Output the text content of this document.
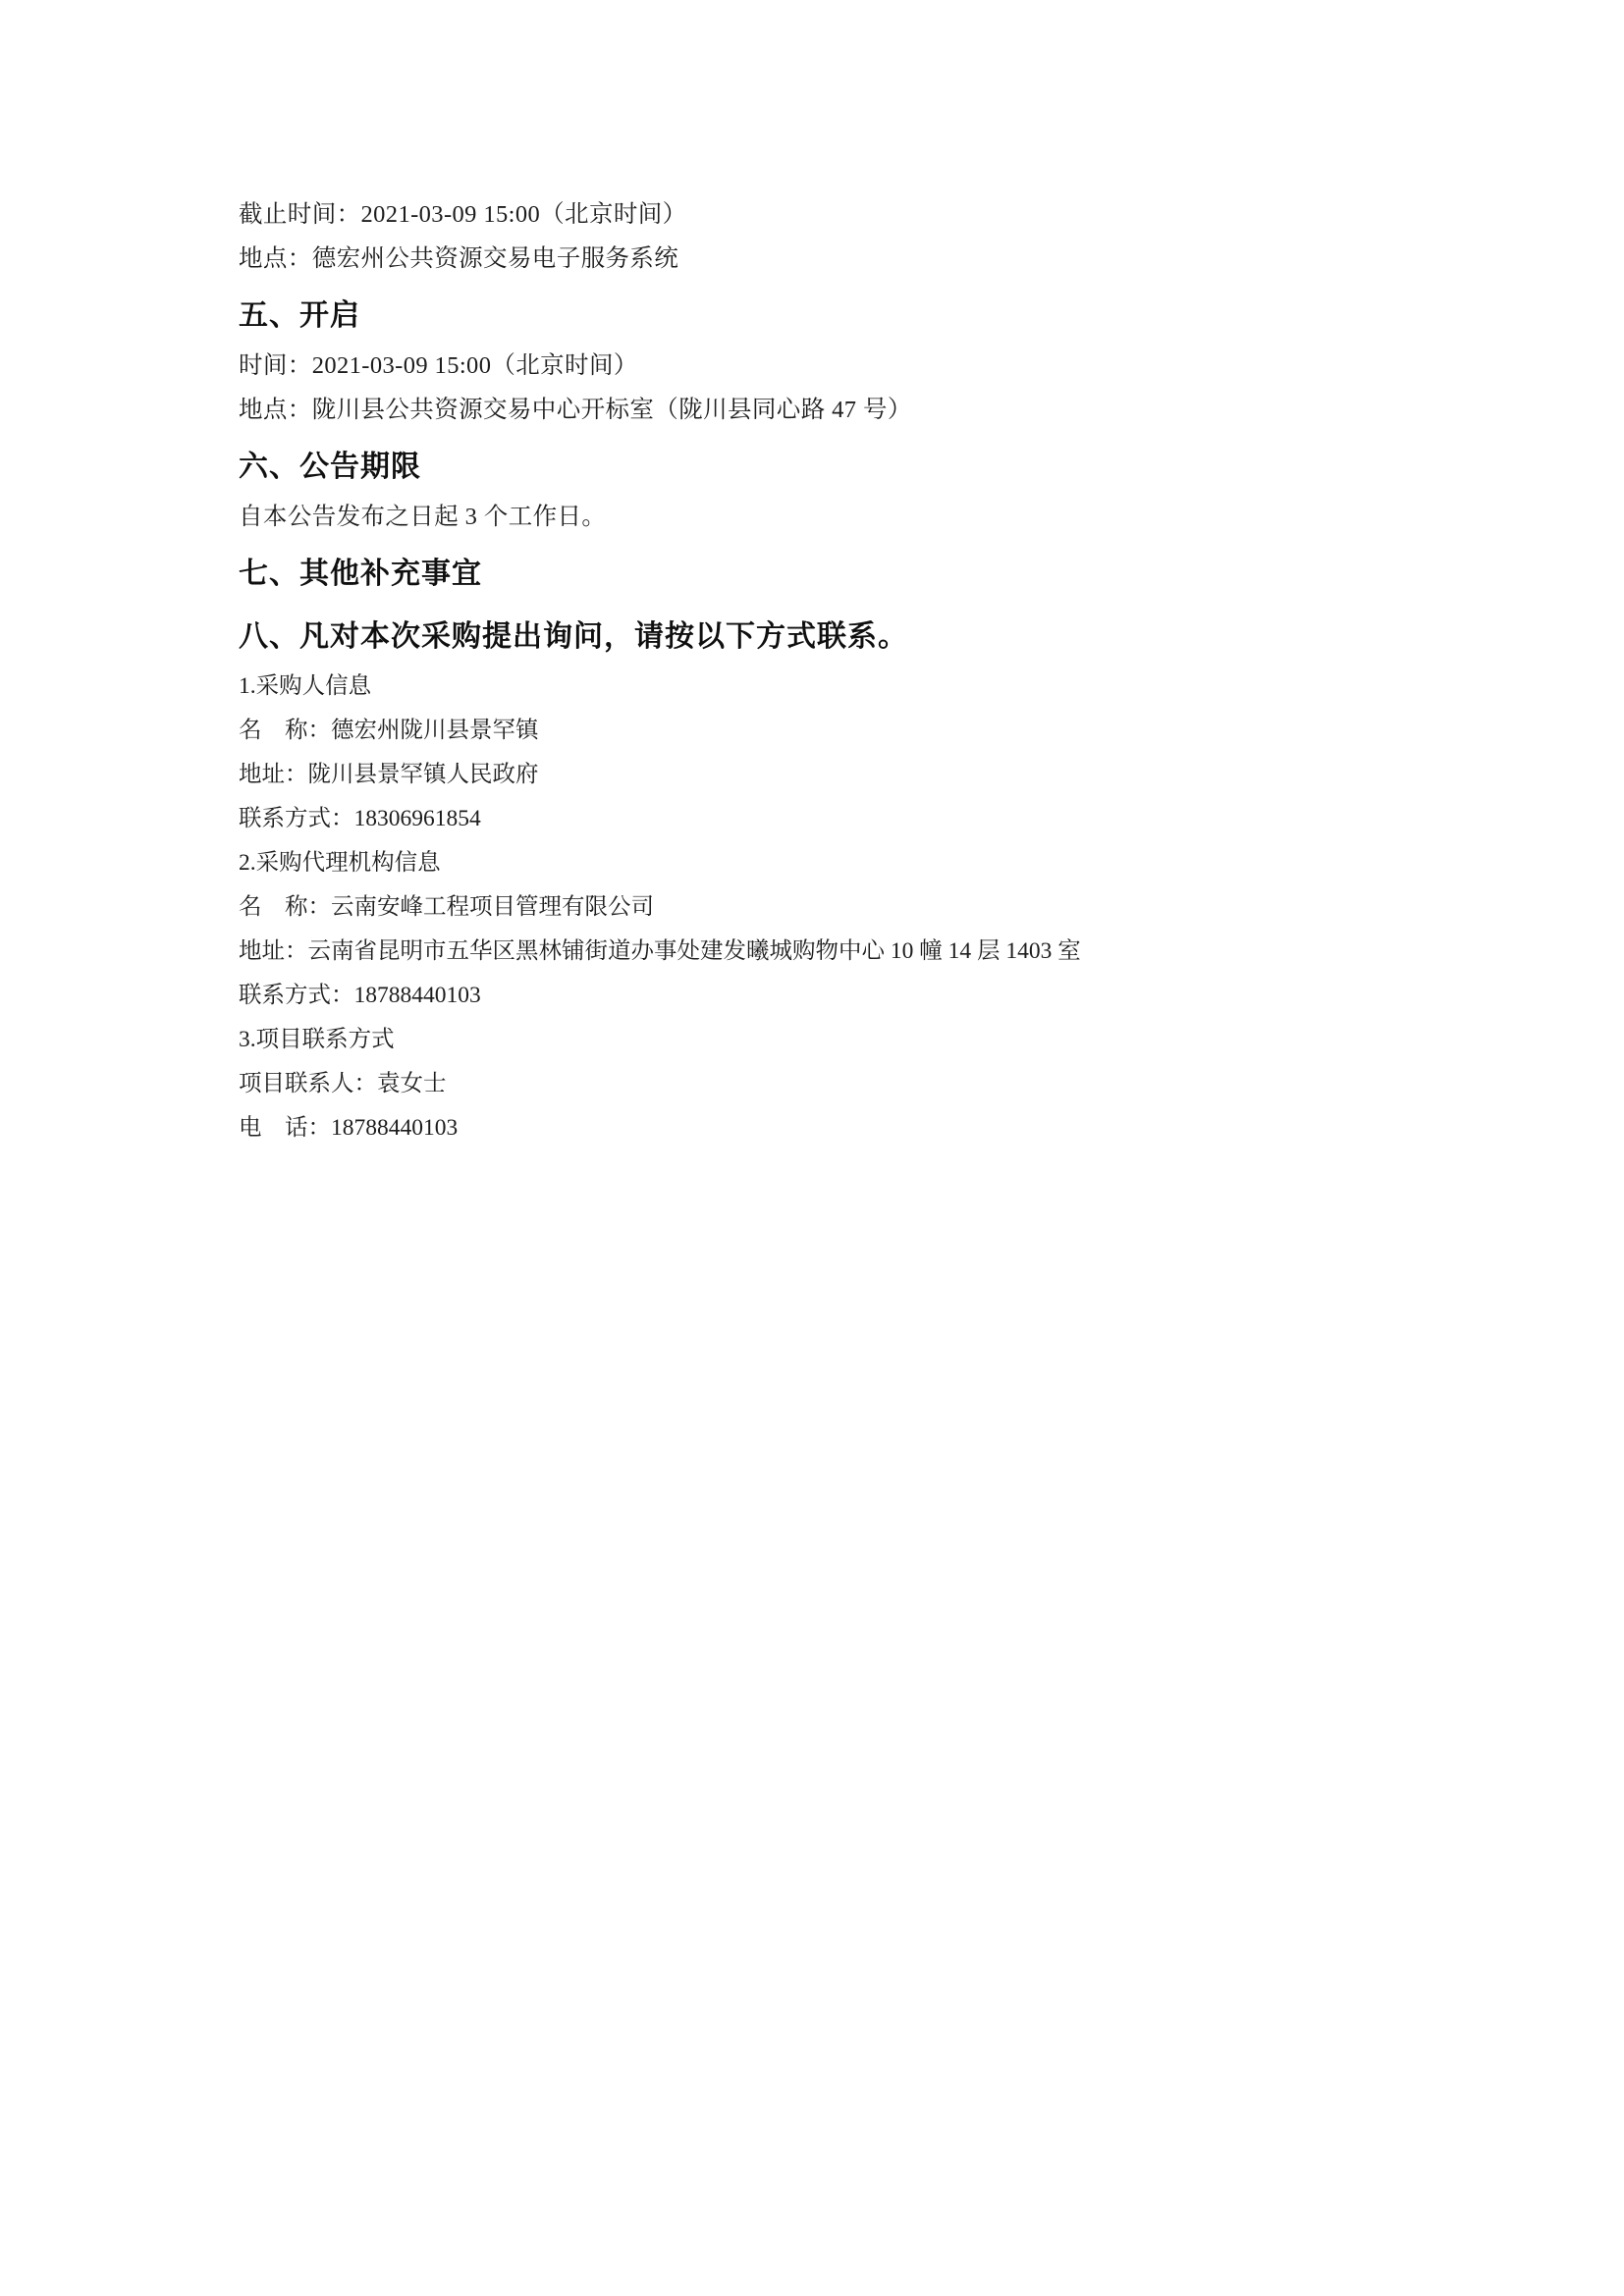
截止时间：2021-03-09 15:00（北京时间）
地点：德宏州公共资源交易电子服务系统
五、开启
时间：2021-03-09 15:00（北京时间）
地点：陇川县公共资源交易中心开标室（陇川县同心路 47 号）
六、公告期限
自本公告发布之日起 3 个工作日。
七、其他补充事宜
八、凡对本次采购提出询问，请按以下方式联系。
1.采购人信息
名　称：德宏州陇川县景罕镇
地址：陇川县景罕镇人民政府
联系方式：18306961854
2.采购代理机构信息
名　称：云南安峰工程项目管理有限公司
地址：云南省昆明市五华区黑林铺街道办事处建发曦城购物中心 10 幢 14 层 1403 室
联系方式：18788440103
3.项目联系方式
项目联系人：袁女士
电　话：18788440103
